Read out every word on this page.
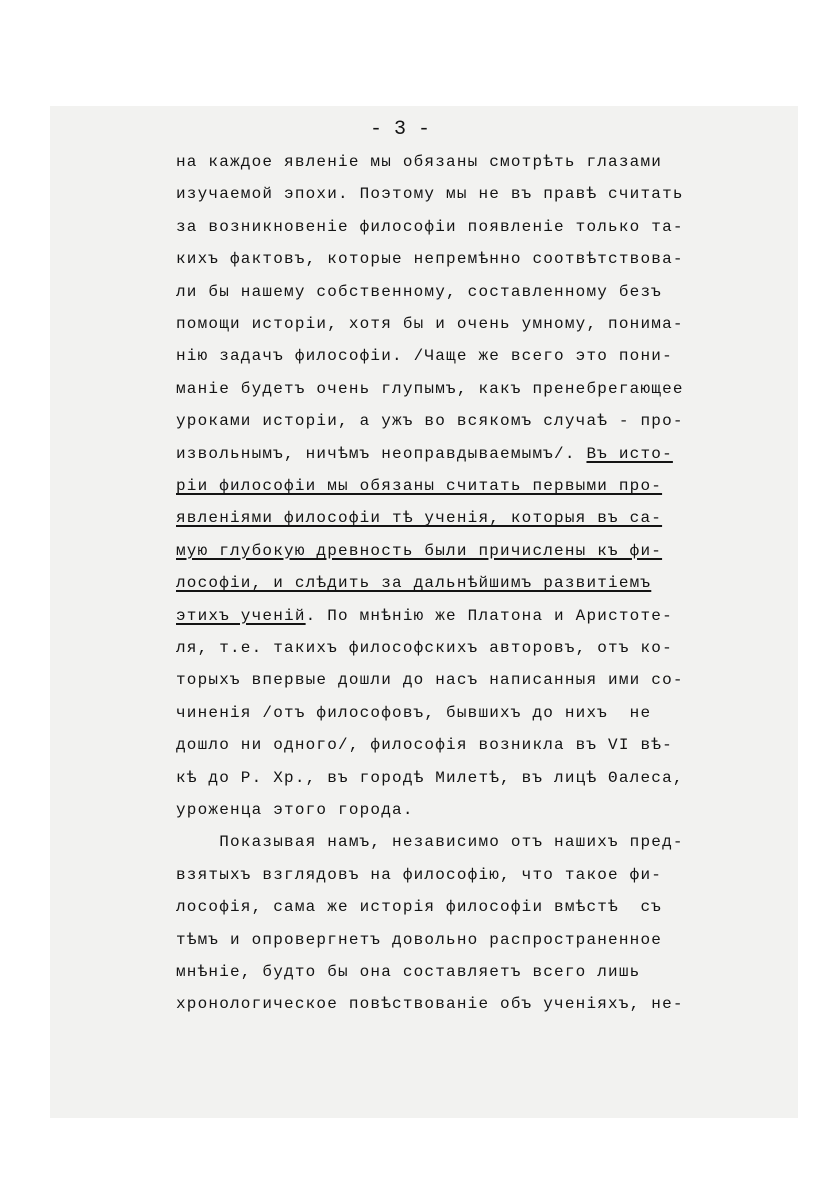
- 3 -
на каждое явленіе мы обязаны смотрѣть глазами
изучаемой эпохи. Поэтому мы не въ правѣ считать
за возникновеніе философіи появленіе только та-
кихъ фактовъ, которые непремѣнно соотвѣтствова-
ли бы нашему собственному, составленному безъ
помощи исторіи, хотя бы и очень умному, понима-
нію задачъ философіи. /Чаще же всего это пони-
маніе будетъ очень глупымъ, какъ пренебрегающее
уроками исторіи, а ужъ во всякомъ случаѣ - про-
извольнымъ, ничѣмъ неоправдываемымъ/. Въ исто-
ріи философіи мы обязаны считать первыми про-
явленіями философіи тѣ ученія, которыя въ са-
мую глубокую древность были причислены къ фи-
лософіи, и слѣдить за дальнѣйшимъ развитіемъ
этихъ ученій. По мнѣнію же Платона и Аристоте-
ля, т.е. такихъ философскихъ авторовъ, отъ ко-
торыхъ впервые дошли до насъ написанныя ими со-
чиненія /отъ философовъ, бывшихъ до нихъ  не
дошло ни одного/, философія возникла въ VI вѣ-
кѣ до Р. Хр., въ городѣ Милетѣ, въ лицѣ Θалеса,
уроженца этого города.
Показывая намъ, независимо отъ нашихъ пред-
взятыхъ взглядовъ на философію, что такое фи-
лософія, сама же исторія философіи вмѣстѣ  съ
тѣмъ и опровергнетъ довольно распространенное
мнѣніе, будто бы она составляетъ всего лишь
хронологическое повѣствованіе объ ученіяхъ, не-
